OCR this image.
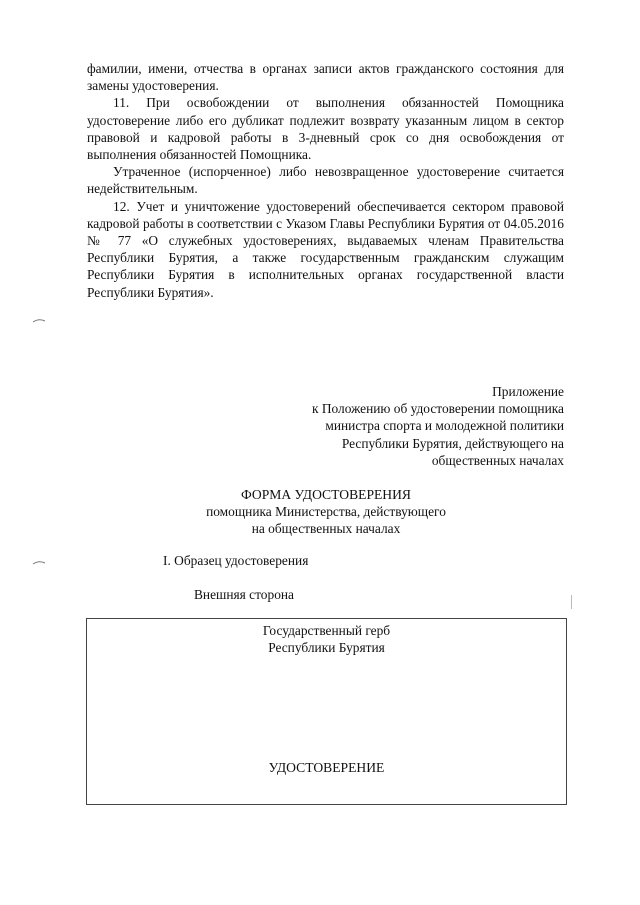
фамилии, имени, отчества в органах записи актов гражданского состояния для замены удостоверения.

11. При освобождении от выполнения обязанностей Помощника удостоверение либо его дубликат подлежит возврату указанным лицом в сектор правовой и кадровой работы в 3-дневный срок со дня освобождения от выполнения обязанностей Помощника.

Утраченное (испорченное) либо невозвращенное удостоверение считается недействительным.

12. Учет и уничтожение удостоверений обеспечивается сектором правовой кадровой работы в соответствии с Указом Главы Республики Бурятия от 04.05.2016 № 77 «О служебных удостоверениях, выдаваемых членам Правительства Республики Бурятия, а также государственным гражданским служащим Республики Бурятия в исполнительных органах государственной власти Республики Бурятия».

Приложение
к Положению об удостоверении помощника
министра спорта и молодежной политики
Республики Бурятия, действующего на
общественных началах
ФОРМА УДОСТОВЕРЕНИЯ
помощника Министерства, действующего
на общественных началах
I. Образец удостоверения
Внешняя сторона
Государственный герб
Республики Бурятия
УДОСТОВЕРЕНИЕ
